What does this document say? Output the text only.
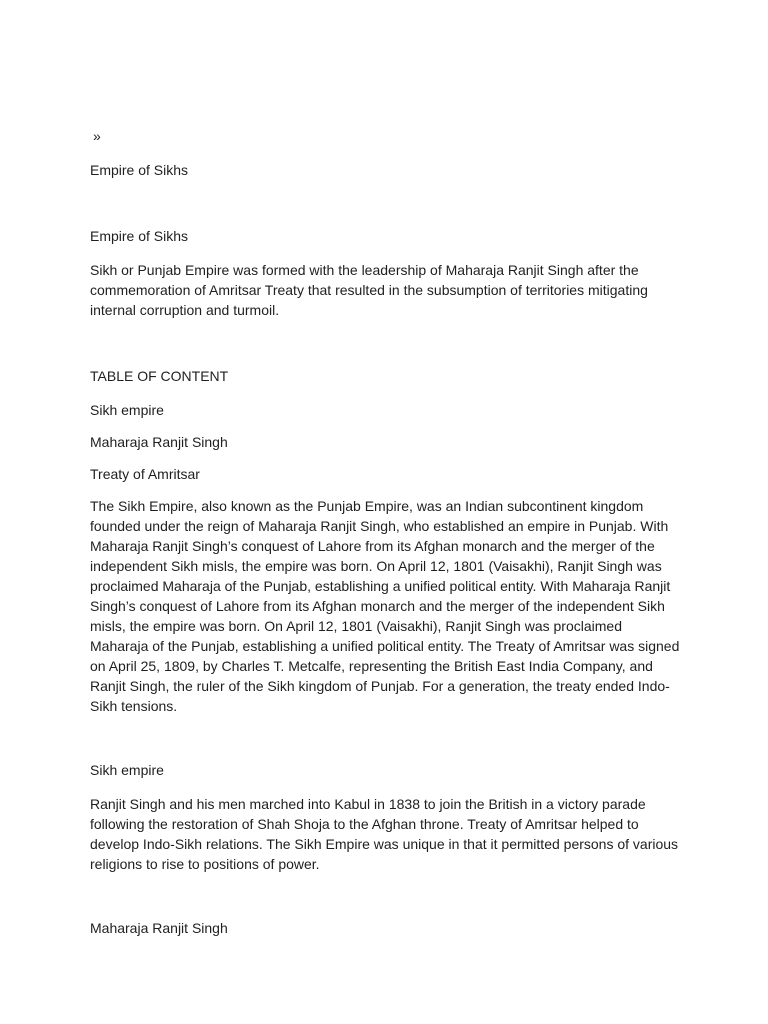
»

Empire of Sikhs

Empire of Sikhs

Sikh or Punjab Empire was formed with the leadership of Maharaja Ranjit Singh after the commemoration of Amritsar Treaty that resulted in the subsumption of territories mitigating internal corruption and turmoil.

TABLE OF CONTENT

Sikh empire

Maharaja Ranjit Singh

Treaty of Amritsar

The Sikh Empire, also known as the Punjab Empire, was an Indian subcontinent kingdom founded under the reign of Maharaja Ranjit Singh, who established an empire in Punjab. With Maharaja Ranjit Singh’s conquest of Lahore from its Afghan monarch and the merger of the independent Sikh misls, the empire was born. On April 12, 1801 (Vaisakhi), Ranjit Singh was proclaimed Maharaja of the Punjab, establishing a unified political entity. With Maharaja Ranjit Singh’s conquest of Lahore from its Afghan monarch and the merger of the independent Sikh misls, the empire was born. On April 12, 1801 (Vaisakhi), Ranjit Singh was proclaimed Maharaja of the Punjab, establishing a unified political entity. The Treaty of Amritsar was signed on April 25, 1809, by Charles T. Metcalfe, representing the British East India Company, and Ranjit Singh, the ruler of the Sikh kingdom of Punjab. For a generation, the treaty ended Indo-Sikh tensions.

Sikh empire

Ranjit Singh and his men marched into Kabul in 1838 to join the British in a victory parade following the restoration of Shah Shoja to the Afghan throne. Treaty of Amritsar helped to develop Indo-Sikh relations. The Sikh Empire was unique in that it permitted persons of various religions to rise to positions of power.

Maharaja Ranjit Singh
